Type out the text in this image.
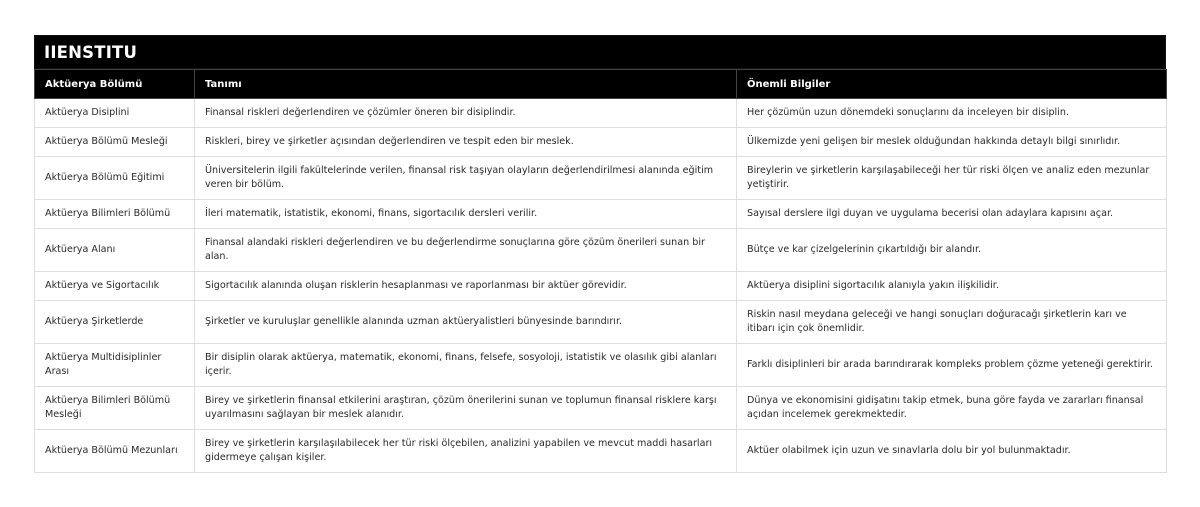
IIENSTITU
Aktüerya Bölümü	Tanımı	Önemli Bilgiler
Aktüerya Disiplini	Finansal riskleri değerlendiren ve çözümler öneren bir disiplindir.	Her çözümün uzun dönemdeki sonuçlarını da inceleyen bir disiplin.
Aktüerya Bölümü Mesleği	Riskleri, birey ve şirketler açısından değerlendiren ve tespit eden bir meslek.	Ülkemizde yeni gelişen bir meslek olduğundan hakkında detaylı bilgi sınırlıdır.
Aktüerya Bölümü Eğitimi	Üniversitelerin ilgili fakültelerinde verilen, finansal risk taşıyan olayların değerlendirilmesi alanında eğitim veren bir bölüm.	Bireylerin ve şirketlerin karşılaşabileceği her tür riski ölçen ve analiz eden mezunlar yetiştirir.
Aktüerya Bilimleri Bölümü	İleri matematik, istatistik, ekonomi, finans, sigortacılık dersleri verilir.	Sayısal derslere ilgi duyan ve uygulama becerisi olan adaylara kapısını açar.
Aktüerya Alanı	Finansal alandaki riskleri değerlendiren ve bu değerlendirme sonuçlarına göre çözüm önerileri sunan bir alan.	Bütçe ve kar çizelgelerinin çıkartıldığı bir alandır.
Aktüerya ve Sigortacılık	Sigortacılık alanında oluşan risklerin hesaplanması ve raporlanması bir aktüer görevidir.	Aktüerya disiplini sigortacılık alanıyla yakın ilişkilidir.
Aktüerya Şirketlerde	Şirketler ve kuruluşlar genellikle alanında uzman aktüeryalistleri bünyesinde barındırır.	Riskin nasıl meydana geleceği ve hangi sonuçları doğuracağı şirketlerin karı ve itibarı için çok önemlidir.
Aktüerya Multidisiplinler Arası	Bir disiplin olarak aktüerya, matematik, ekonomi, finans, felsefe, sosyoloji, istatistik ve olasılık gibi alanları içerir.	Farklı disiplinleri bir arada barındırarak kompleks problem çözme yeteneği gerektirir.
Aktüerya Bilimleri Bölümü Mesleği	Birey ve şirketlerin finansal etkilerini araştıran, çözüm önerilerini sunan ve toplumun finansal risklere karşı uyarılmasını sağlayan bir meslek alanıdır.	Dünya ve ekonomisini gidişatını takip etmek, buna göre fayda ve zararları finansal açıdan incelemek gerekmektedir.
Aktüerya Bölümü Mezunları	Birey ve şirketlerin karşılaşılabilecek her tür riski ölçebilen, analizini yapabilen ve mevcut maddi hasarları gidermeye çalışan kişiler.	Aktüer olabilmek için uzun ve sınavlarla dolu bir yol bulunmaktadır.
